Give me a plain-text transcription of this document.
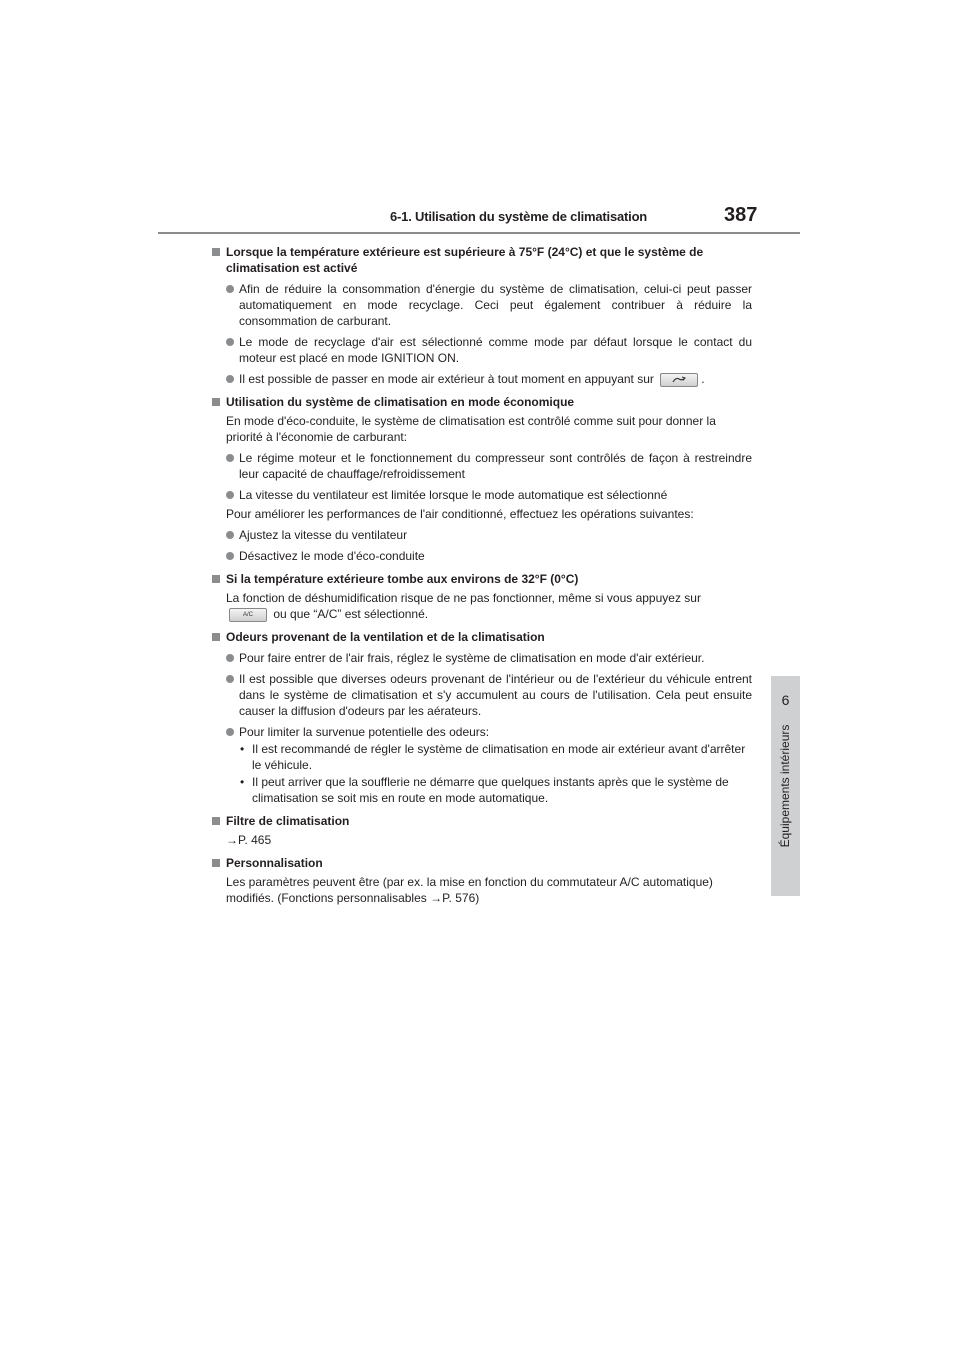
6-1. Utilisation du système de climatisation	387
6
Équipements intérieurs
Lorsque la température extérieure est supérieure à 75°F (24°C) et que le système de climatisation est activé
Afin de réduire la consommation d'énergie du système de climatisation, celui-ci peut passer automatiquement en mode recyclage. Ceci peut également contribuer à réduire la consommation de carburant.
Le mode de recyclage d'air est sélectionné comme mode par défaut lorsque le contact du moteur est placé en mode IGNITION ON.
Il est possible de passer en mode air extérieur à tout moment en appuyant sur	.
Utilisation du système de climatisation en mode économique
En mode d'éco-conduite, le système de climatisation est contrôlé comme suit pour donner la priorité à l'économie de carburant:
Le régime moteur et le fonctionnement du compresseur sont contrôlés de façon à restreindre leur capacité de chauffage/refroidissement
La vitesse du ventilateur est limitée lorsque le mode automatique est sélectionné
Pour améliorer les performances de l'air conditionné, effectuez les opérations suivantes:
Ajustez la vitesse du ventilateur
Désactivez le mode d'éco-conduite
Si la température extérieure tombe aux environs de 32°F (0°C)
La fonction de déshumidification risque de ne pas fonctionner, même si vous appuyez sur
A/C ou que “A/C” est sélectionné.
Odeurs provenant de la ventilation et de la climatisation
Pour faire entrer de l'air frais, réglez le système de climatisation en mode d'air extérieur.
Il est possible que diverses odeurs provenant de l'intérieur ou de l'extérieur du véhicule entrent dans le système de climatisation et s'y accumulent au cours de l'utilisation. Cela peut ensuite causer la diffusion d'odeurs par les aérateurs.
Pour limiter la survenue potentielle des odeurs:
• Il est recommandé de régler le système de climatisation en mode air extérieur avant d'arrêter le véhicule.
• Il peut arriver que la soufflerie ne démarre que quelques instants après que le système de climatisation se soit mis en route en mode automatique.
Filtre de climatisation
→P. 465
Personnalisation
Les paramètres peuvent être (par ex. la mise en fonction du commutateur A/C automatique) modifiés. (Fonctions personnalisables →P. 576)
